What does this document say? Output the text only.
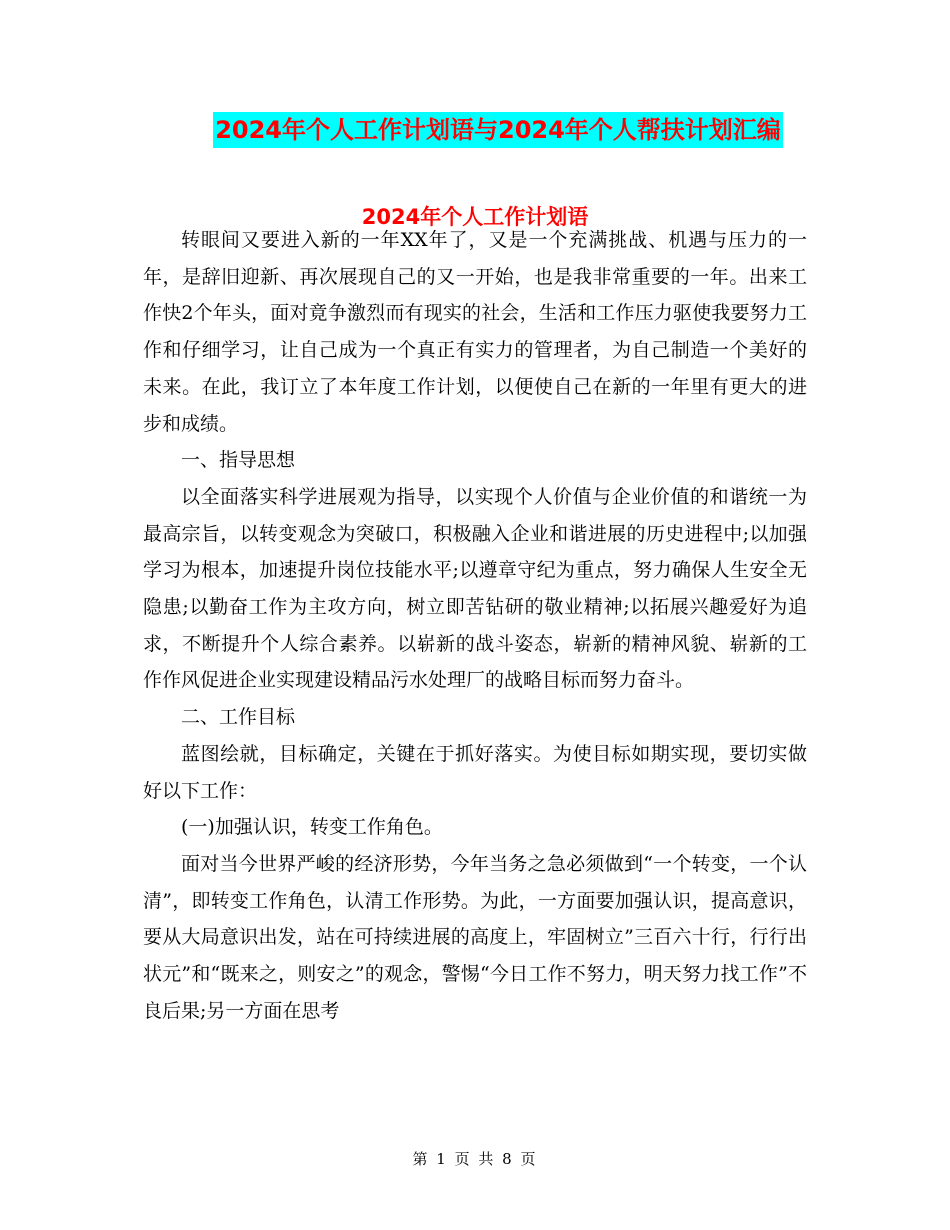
2024年个人工作计划语与2024年个人帮扶计划汇编
2024年个人工作计划语

转眼间又要进入新的一年XX年了，又是一个充满挑战、机遇与压力的一年，是辞旧迎新、再次展现自己的又一开始，也是我非常重要的一年。出来工作快2个年头，面对竟争激烈而有现实的社会，生活和工作压力驱使我要努力工作和仔细学习，让自己成为一个真正有实力的管理者，为自己制造一个美好的未来。在此，我订立了本年度工作计划，以便使自己在新的一年里有更大的进步和成绩。

一、指导思想

以全面落实科学进展观为指导，以实现个人价值与企业价值的和谐统一为最高宗旨，以转变观念为突破口，积极融入企业和谐进展的历史进程中;以加强学习为根本，加速提升岗位技能水平;以遵章守纪为重点，努力确保人生安全无隐患;以勤奋工作为主攻方向，树立即苦钻研的敬业精神;以拓展兴趣爱好为追求，不断提升个人综合素养。以崭新的战斗姿态，崭新的精神风貌、崭新的工作作风促进企业实现建设精品污水处理厂的战略目标而努力奋斗。

二、工作目标

蓝图绘就，目标确定，关键在于抓好落实。为使目标如期实现，要切实做好以下工作：

(一)加强认识，转变工作角色。

面对当今世界严峻的经济形势，今年当务之急必须做到“一个转变，一个认清”，即转变工作角色，认清工作形势。为此，一方面要加强认识，提高意识，要从大局意识出发，站在可持续进展的高度上，牢固树立”三百六十行，行行出状元”和“既来之，则安之”的观念，警惕“今日工作不努力，明天努力找工作”不良后果;另一方面在思考

第 1 页 共 8 页
